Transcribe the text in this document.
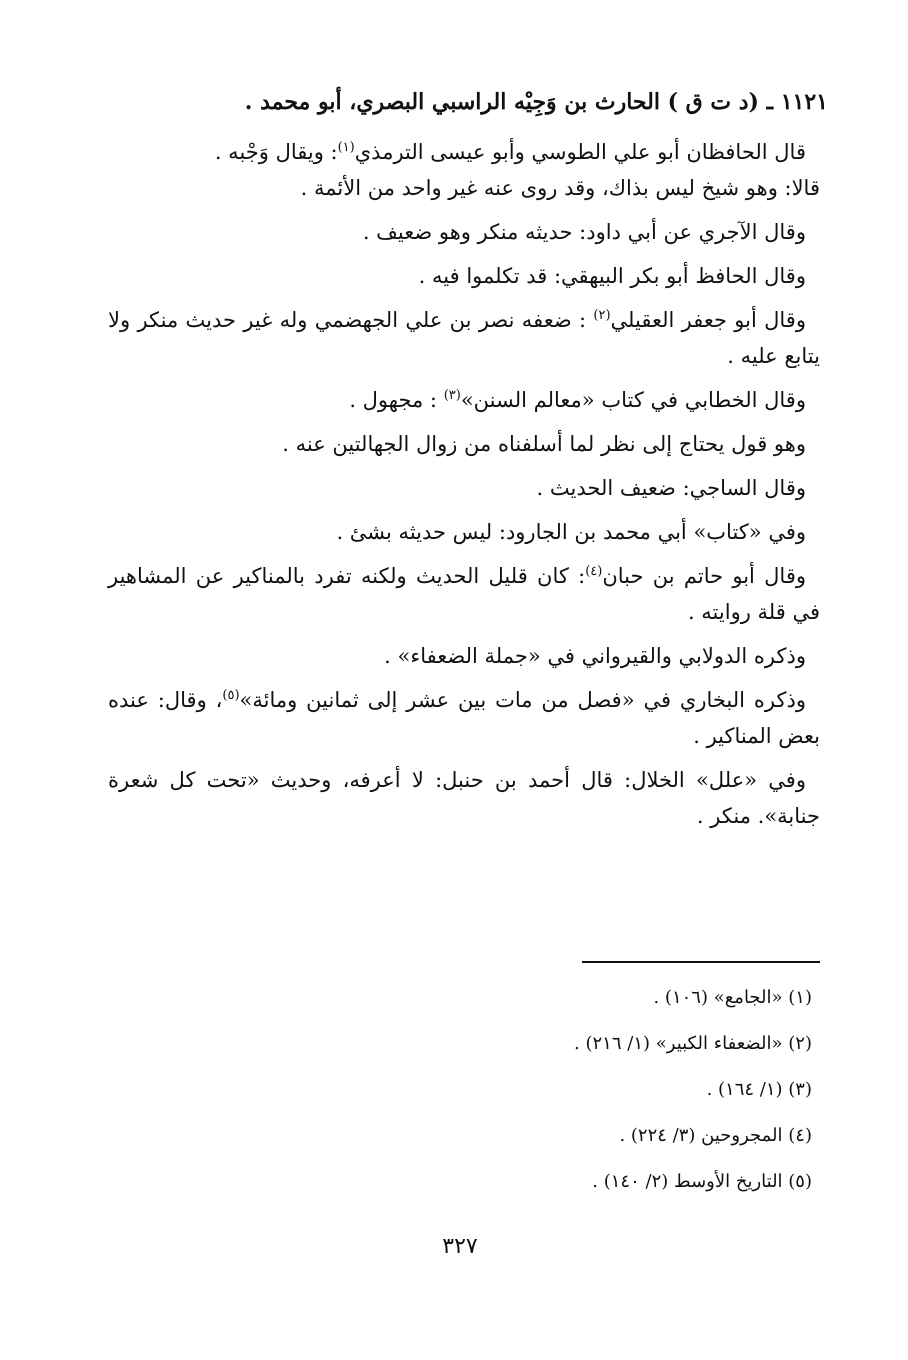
١١٢١ ـ (د ت ق ) الحارث بن وَجِيْه الراسبي البصري، أبو محمد .

قال الحافظان أبو علي الطوسي وأبو عيسى الترمذي$^{(١)}$: ويقال وَجْبه .

قالا: وهو شيخ ليس بذاك، وقد روى عنه غير واحد من الأئمة .

وقال الآجري عن أبي داود: حديثه منكر وهو ضعيف .

وقال الحافظ أبو بكر البيهقي: قد تكلموا فيه .

وقال أبو جعفر العقيلي$^{(٢)}$ : ضعفه نصر بن علي الجهضمي وله غير حديث منكر ولا يتابع عليه .

وقال الخطابي في كتاب «معالم السنن»$^{(٣)}$ : مجهول .

وهو قول يحتاج إلى نظر لما أسلفناه من زوال الجهالتين عنه .

وقال الساجي: ضعيف الحديث .

وفي «كتاب» أبي محمد بن الجارود: ليس حديثه بشئ .

وقال أبو حاتم بن حبان$^{(٤)}$: كان قليل الحديث ولكنه تفرد بالمناكير عن المشاهير في قلة روايته .

وذكره الدولابي والقيرواني في «جملة الضعفاء» .

وذكره البخاري في «فصل من مات بين عشر إلى ثمانين ومائة»$^{(٥)}$، وقال: عنده بعض المناكير .

وفي «علل» الخلال: قال أحمد بن حنبل: لا أعرفه، وحديث «تحت كل شعرة جنابة». منكر .

(١) «الجامع» (١٠٦) .
(٢) «الضعفاء الكبير» (١/ ٢١٦) .
(٣) (١/ ١٦٤) .
(٤) المجروحين (٣/ ٢٢٤) .
(٥) التاريخ الأوسط (٢/ ١٤٠) .
٣٢٧
